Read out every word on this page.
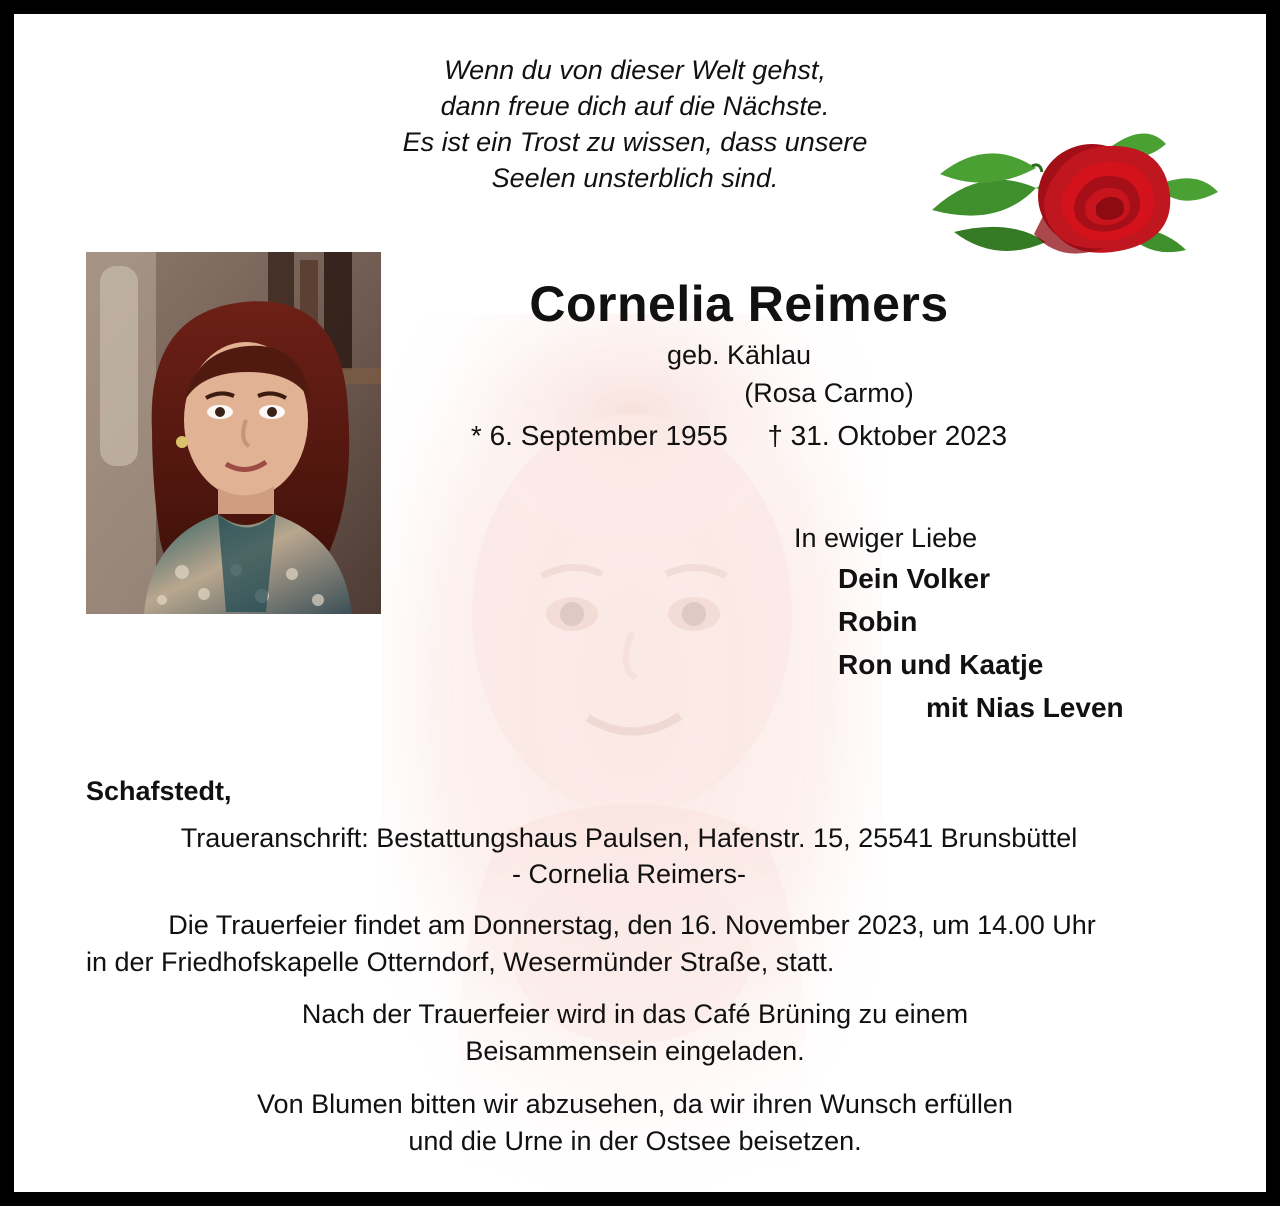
Wenn du von dieser Welt gehst,
dann freue dich auf die Nächste.
Es ist ein Trost zu wissen, dass unsere
Seelen unsterblich sind.
Cornelia Reimers
geb. Kählau
(Rosa Carmo)
* 6. September 1955 † 31. Oktober 2023
In ewiger Liebe
Dein Volker
Robin
Ron und Kaatje
mit Nias Leven
Schafstedt,
Traueranschrift: Bestattungshaus Paulsen, Hafenstr. 15, 25541 Brunsbüttel
- Cornelia Reimers-
Die Trauerfeier findet am Donnerstag, den 16. November 2023, um 14.00 Uhr
in der Friedhofskapelle Otterndorf, Wesermünder Straße, statt.
Nach der Trauerfeier wird in das Café Brüning zu einem
Beisammensein eingeladen.
Von Blumen bitten wir abzusehen, da wir ihren Wunsch erfüllen
und die Urne in der Ostsee beisetzen.
